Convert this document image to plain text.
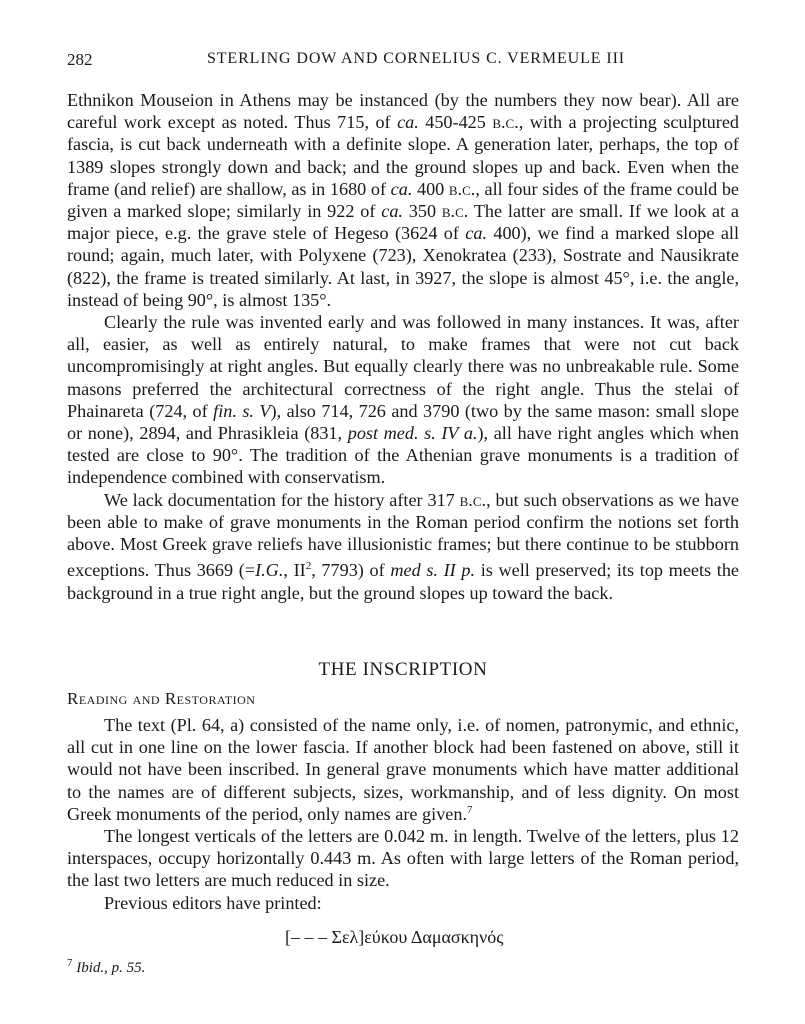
282	STERLING DOW AND CORNELIUS C. VERMEULE III

Ethnikon Mouseion in Athens may be instanced (by the numbers they now bear). All are careful work except as noted. Thus 715, of ca. 450-425 b.c., with a projecting sculptured fascia, is cut back underneath with a definite slope. A generation later, perhaps, the top of 1389 slopes strongly down and back; and the ground slopes up and back. Even when the frame (and relief) are shallow, as in 1680 of ca. 400 b.c., all four sides of the frame could be given a marked slope; similarly in 922 of ca. 350 b.c. The latter are small. If we look at a major piece, e.g. the grave stele of Hegeso (3624 of ca. 400), we find a marked slope all round; again, much later, with Polyxene (723), Xenokratea (233), Sostrate and Nausikrate (822), the frame is treated similarly. At last, in 3927, the slope is almost 45°, i.e. the angle, instead of being 90°, is almost 135°.

Clearly the rule was invented early and was followed in many instances. It was, after all, easier, as well as entirely natural, to make frames that were not cut back uncompromisingly at right angles. But equally clearly there was no unbreakable rule. Some masons preferred the architectural correctness of the right angle. Thus the stelai of Phainareta (724, of fin. s. V), also 714, 726 and 3790 (two by the same mason: small slope or none), 2894, and Phrasikleia (831, post med. s. IV a.), all have right angles which when tested are close to 90°. The tradition of the Athenian grave monuments is a tradition of independence combined with conservatism.

We lack documentation for the history after 317 b.c., but such observations as we have been able to make of grave monuments in the Roman period confirm the notions set forth above. Most Greek grave reliefs have illusionistic frames; but there continue to be stubborn exceptions. Thus 3669 (=I.G., $II^2$, 7793) of med s. II p. is well preserved; its top meets the background in a true right angle, but the ground slopes up toward the back.

THE INSCRIPTION
Reading and Restoration

The text (Pl. 64, a) consisted of the name only, i.e. of nomen, patronymic, and ethnic, all cut in one line on the lower fascia. If another block had been fastened on above, still it would not have been inscribed. In general grave monuments which have matter additional to the names are of different subjects, sizes, workmanship, and of less dignity. On most Greek monuments of the period, only names are given.$^7$

The longest verticals of the letters are 0.042 m. in length. Twelve of the letters, plus 12 interspaces, occupy horizontally 0.443 m. As often with large letters of the Roman period, the last two letters are much reduced in size.

Previous editors have printed:

[– – – Σελ]εύκου Δαμασκηνός
$^7$ Ibid., p. 55.
